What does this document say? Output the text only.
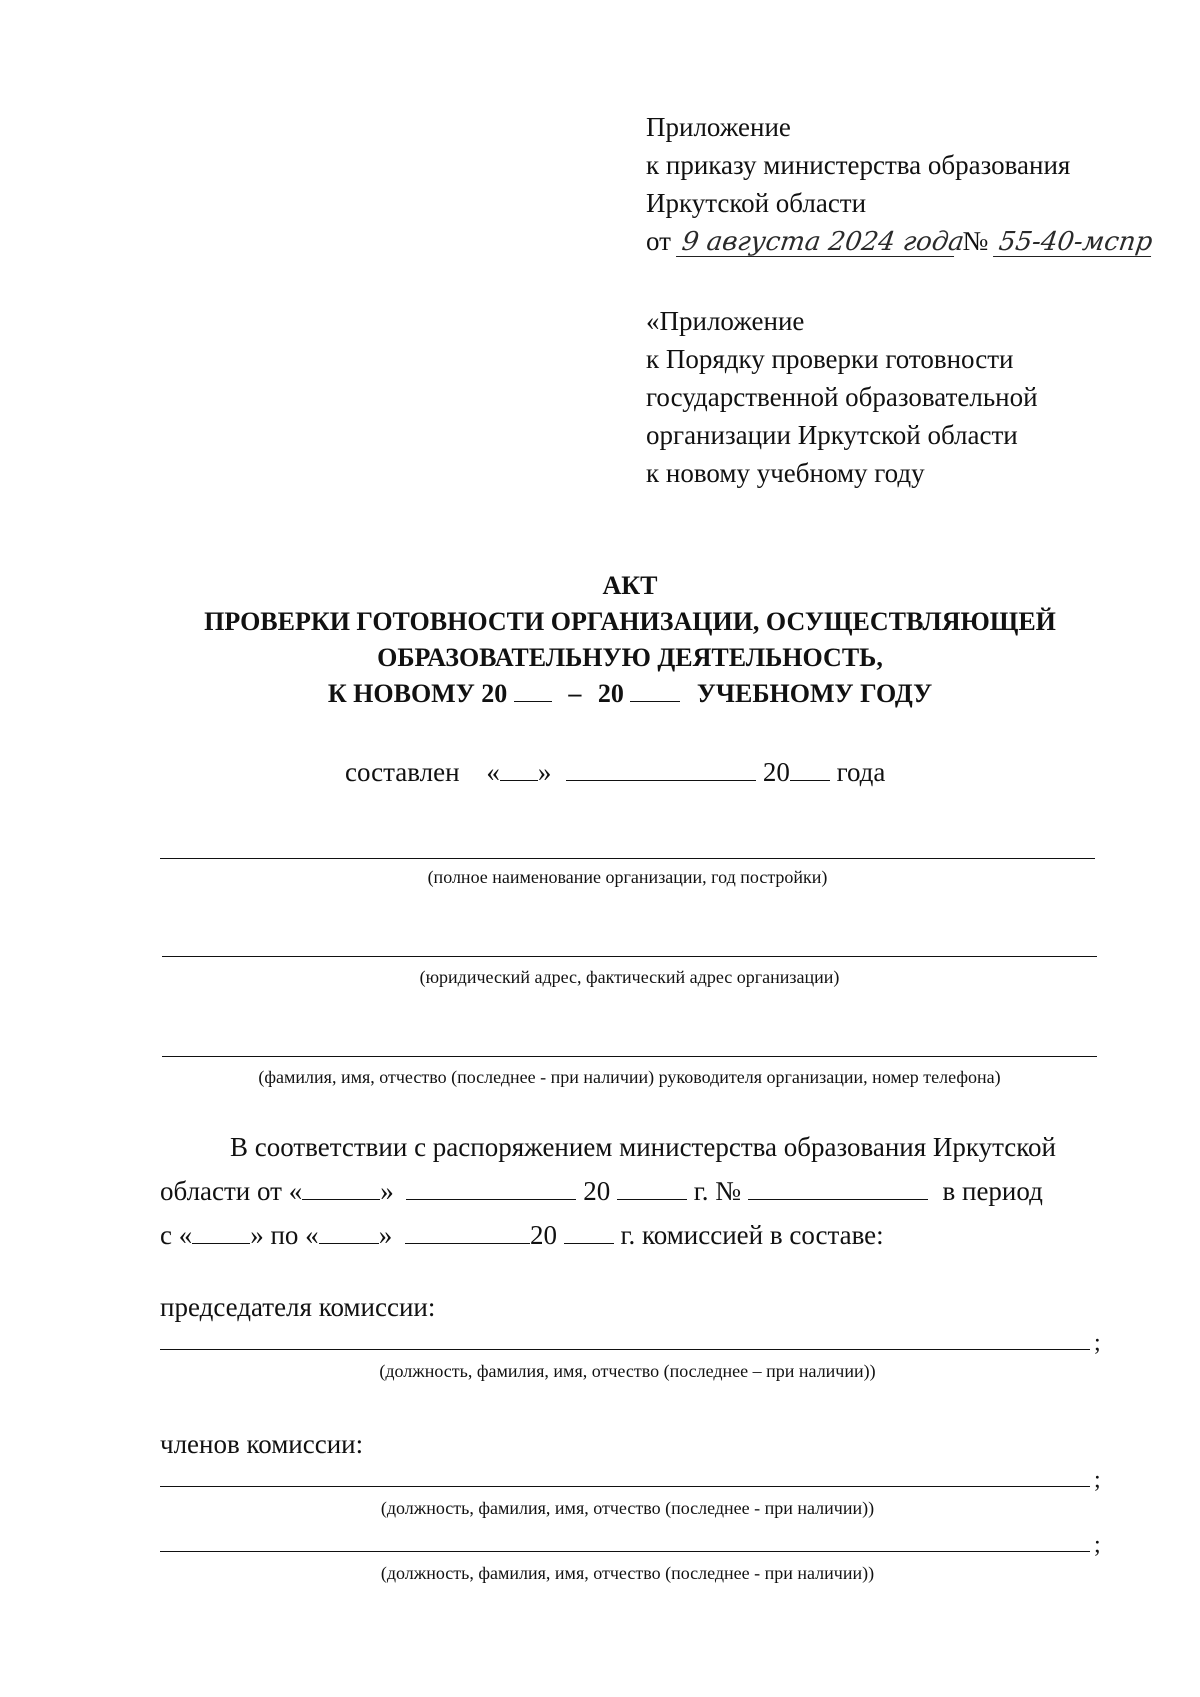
Приложение
к приказу министерства образования
Иркутской области
от 9 августа 2024 года № 55-40-мспр
«Приложение
к Порядку проверки готовности
государственной образовательной
организации Иркутской области
к новому учебному году
АКТ
ПРОВЕРКИ ГОТОВНОСТИ ОРГАНИЗАЦИИ, ОСУЩЕСТВЛЯЮЩЕЙ
ОБРАЗОВАТЕЛЬНУЮ ДЕЯТЕЛЬНОСТЬ,
К НОВОМУ 20 – 20	УЧЕБНОМУ ГОДУ
составлен « »	20 года
(полное наименование организации, год постройки)
(юридический адрес, фактический адрес организации)
(фамилия, имя, отчество (последнее - при наличии) руководителя организации, номер телефона)
В соответствии с распоряжением министерства образования Иркутской
области от «	»	20	г. №	в период
с « » по « »	20 г. комиссией в составе:
председателя комиссии:
;
(должность, фамилия, имя, отчество (последнее – при наличии))
членов комиссии:
;
(должность, фамилия, имя, отчество (последнее - при наличии))
;
(должность, фамилия, имя, отчество (последнее - при наличии))
